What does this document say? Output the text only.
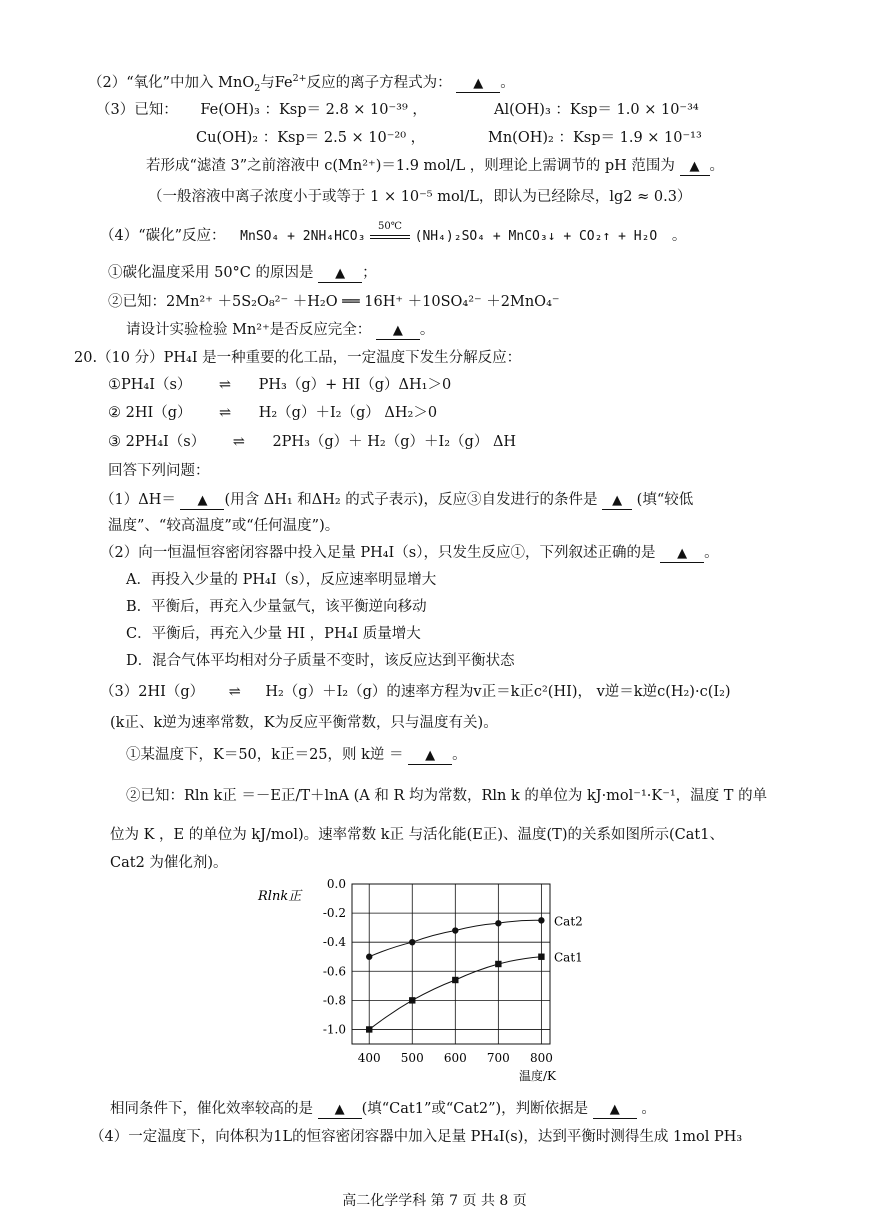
（2）“氧化”中加入 MnO$_2$与$Fe^{2+}$反应的离子方程式为： ▲ 。
（3）已知： Fe(OH)₃ ：Ksp＝ 2.8 × 10⁻³⁹ ，	Al(OH)₃ ：Ksp＝ 1.0 × 10⁻³⁴
Cu(OH)₂ ：Ksp＝ 2.5 × 10⁻²⁰ ，	Mn(OH)₂ ：Ksp＝ 1.9 × 10⁻¹³
若形成“滤渣 3”之前溶液中 c(Mn²⁺)＝1.9 mol/L ，则理论上需调节的 pH 范围为 ▲ 。
（一般溶液中离子浓度小于或等于 1 × 10⁻⁵ mol/L，即认为已经除尽，lg2 ≈ 0.3）
（4）“碳化”反应： MnSO₄ + 2NH₄HCO₃
50℃
(NH₄)₂SO₄ + MnCO₃↓ + CO₂↑ + H₂O 。
①碳化温度采用 50°C 的原因是 ▲ ；
②已知：2Mn²⁺ ＋5S₂O₈²⁻ ＋H₂O ══ 16H⁺ ＋10SO₄²⁻ ＋2MnO₄⁻
请设计实验检验 Mn²⁺是否反应完全： ▲ 。
20.（10 分）PH₄I 是一种重要的化工品，一定温度下发生分解反应：
①PH₄I（s） ⇌ PH₃（g）+ HI（g）ΔH₁＞0
② 2HI（g） ⇌ H₂（g）＋I₂（g） ΔH₂＞0
③ 2PH₄I（s） ⇌ 2PH₃（g）＋ H₂（g）＋I₂（g） ΔH
回答下列问题：
（1）ΔH＝ ▲ (用含 ΔH₁ 和ΔH₂ 的式子表示)，反应③自发进行的条件是 ▲ (填“较低
温度”、“较高温度”或“任何温度”)。
（2）向一恒温恒容密闭容器中投入足量 PH₄I（s），只发生反应①，下列叙述正确的是 ▲ 。
A．再投入少量的 PH₄I（s），反应速率明显增大
B．平衡后，再充入少量氩气，该平衡逆向移动
C．平衡后，再充入少量 HI ，PH₄I 质量增大
D．混合气体平均相对分子质量不变时，该反应达到平衡状态
（3）2HI（g） ⇌ H₂（g）＋I₂（g）的速率方程为v正＝k正c²(HI)， v逆＝k逆c(H₂)·c(I₂)
(k正、k逆为速率常数，K为反应平衡常数，只与温度有关)。
①某温度下，K＝50，k正＝25，则 k逆 ＝ ▲ 。
②已知：Rln k正 ＝－E正/T＋lnA (A 和 R 均为常数，Rln k 的单位为 kJ·mol⁻¹·K⁻¹，温度 T 的单
位为 K ，E 的单位为 kJ/mol)。速率常数 k正 与活化能(E正)、温度(T)的关系如图所示(Cat1、
Cat2 为催化剂)。
0.0
-0.2
-0.4
-0.6
-0.8
-1.0
400 500 600 700 800
Rlnk正
温度/K
Cat2
Cat1
相同条件下，催化效率较高的是 ▲ (填“Cat1”或“Cat2”)，判断依据是 ▲ 。
（4）一定温度下，向体积为1L的恒容密闭容器中加入足量 PH₄I(s)，达到平衡时测得生成 1mol PH₃
高二化学学科 第 7 页 共 8 页
